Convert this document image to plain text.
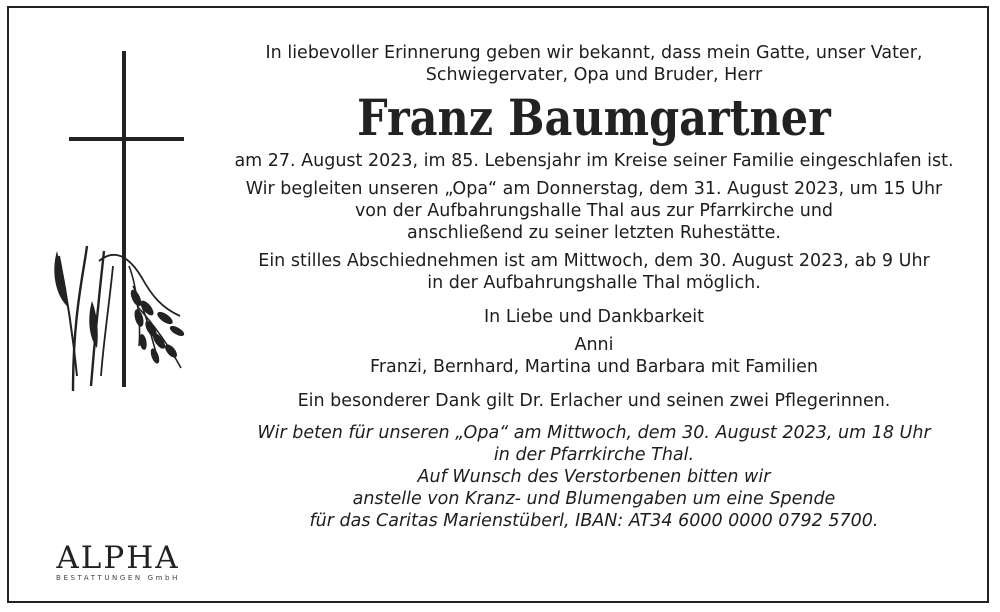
ALPHA
BESTATTUNGEN GmbH

In liebevoller Erinnerung geben wir bekannt, dass mein Gatte, unser Vater,

Schwiegervater, Opa und Bruder, Herr

Franz Baumgartner

am 27. August 2023, im 85. Lebensjahr im Kreise seiner Familie eingeschlafen ist.

Wir begleiten unseren „Opa“ am Donnerstag, dem 31. August 2023, um 15 Uhr

von der Aufbahrungshalle Thal aus zur Pfarrkirche und

anschließend zu seiner letzten Ruhestätte.

Ein stilles Abschiednehmen ist am Mittwoch, dem 30. August 2023, ab 9 Uhr

in der Aufbahrungshalle Thal möglich.

In Liebe und Dankbarkeit

Anni

Franzi, Bernhard, Martina und Barbara mit Familien

Ein besonderer Dank gilt Dr. Erlacher und seinen zwei Pflegerinnen.

Wir beten für unseren „Opa“ am Mittwoch, dem 30. August 2023, um 18 Uhr

in der Pfarrkirche Thal.

Auf Wunsch des Verstorbenen bitten wir

anstelle von Kranz- und Blumengaben um eine Spende

für das Caritas Marienstüberl, IBAN: AT34 6000 0000 0792 5700.
